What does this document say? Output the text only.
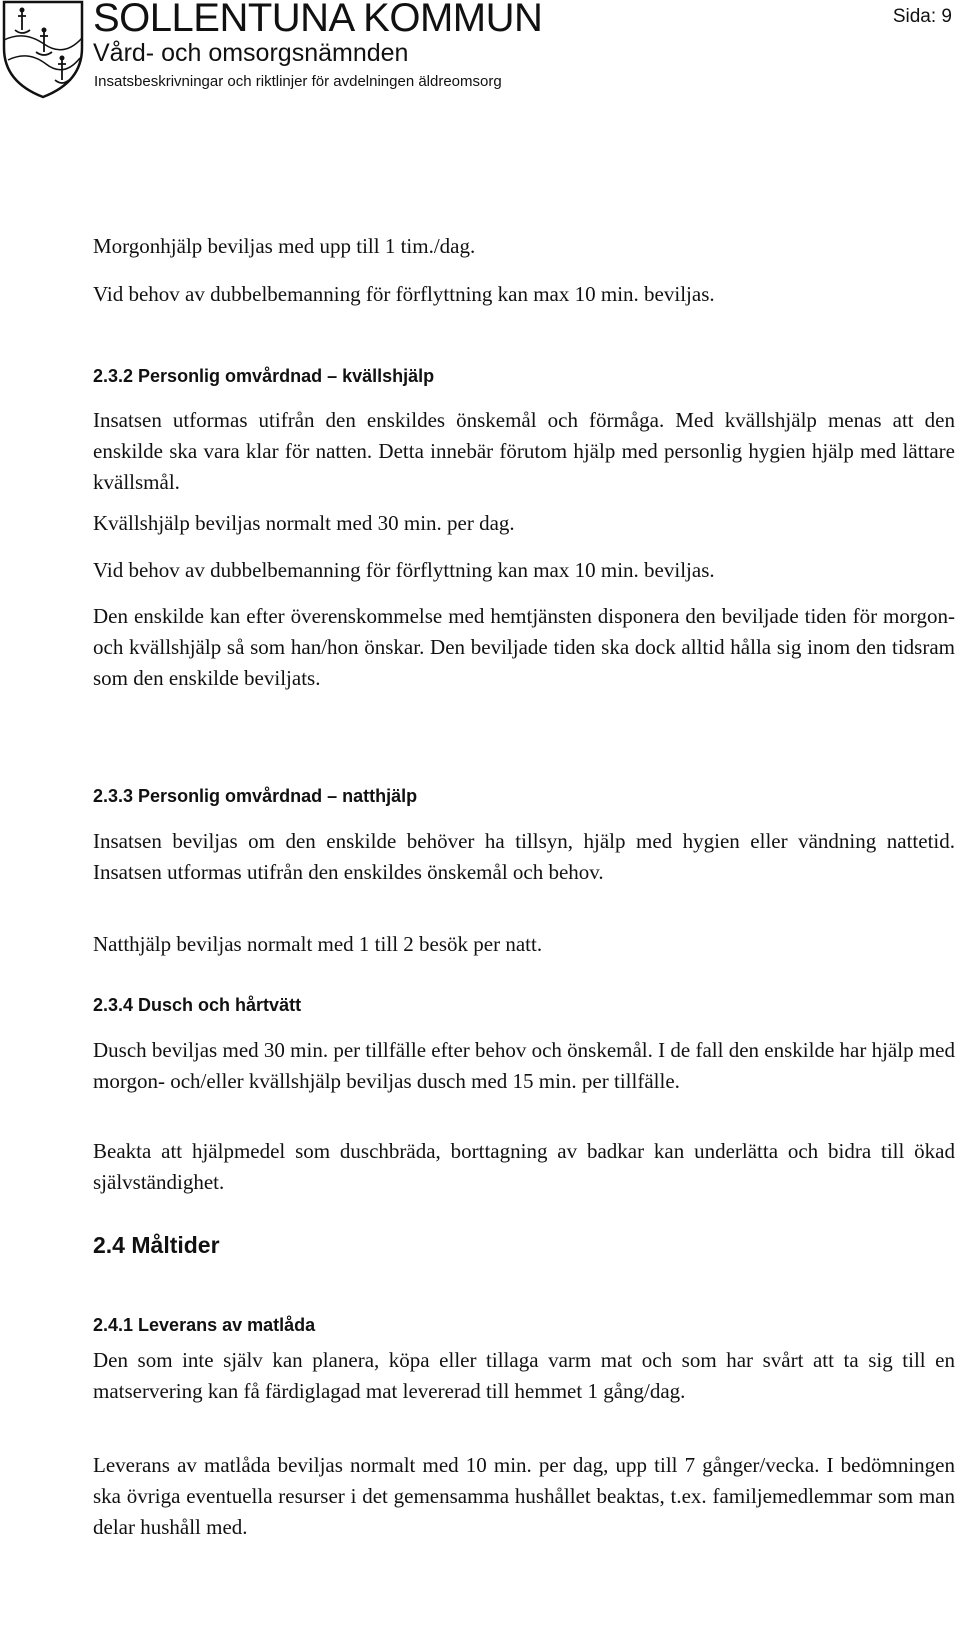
SOLLENTUNA KOMMUN
Vård- och omsorgsnämnden
Insatsbeskrivningar och riktlinjer för avdelningen äldreomsorg
Sida: 9

Morgonhjälp beviljas med upp till 1 tim./dag.

Vid behov av dubbelbemanning för förflyttning kan max 10 min. beviljas.

2.3.2 Personlig omvårdnad – kvällshjälp

Insatsen utformas utifrån den enskildes önskemål och förmåga. Med kvällshjälp menas att den enskilde ska vara klar för natten. Detta innebär förutom hjälp med personlig hygien hjälp med lättare kvällsmål.

Kvällshjälp beviljas normalt med 30 min. per dag.

Vid behov av dubbelbemanning för förflyttning kan max 10 min. beviljas.

Den enskilde kan efter överenskommelse med hemtjänsten disponera den beviljade tiden för morgon- och kvällshjälp så som han/hon önskar. Den beviljade tiden ska dock alltid hålla sig inom den tidsram som den enskilde beviljats.

2.3.3 Personlig omvårdnad – natthjälp

Insatsen beviljas om den enskilde behöver ha tillsyn, hjälp med hygien eller vändning nattetid. Insatsen utformas utifrån den enskildes önskemål och behov.

Natthjälp beviljas normalt med 1 till 2 besök per natt.

2.3.4 Dusch och hårtvätt

Dusch beviljas med 30 min. per tillfälle efter behov och önskemål. I de fall den enskilde har hjälp med morgon- och/eller kvällshjälp beviljas dusch med 15 min. per tillfälle.

Beakta att hjälpmedel som duschbräda, borttagning av badkar kan underlätta och bidra till ökad självständighet.

2.4 Måltider
2.4.1 Leverans av matlåda

Den som inte själv kan planera, köpa eller tillaga varm mat och som har svårt att ta sig till en matservering kan få färdiglagad mat levererad till hemmet 1 gång/dag.

Leverans av matlåda beviljas normalt med 10 min. per dag, upp till 7 gånger/vecka. I bedömningen ska övriga eventuella resurser i det gemensamma hushållet beaktas, t.ex. familjemedlemmar som man delar hushåll med.
